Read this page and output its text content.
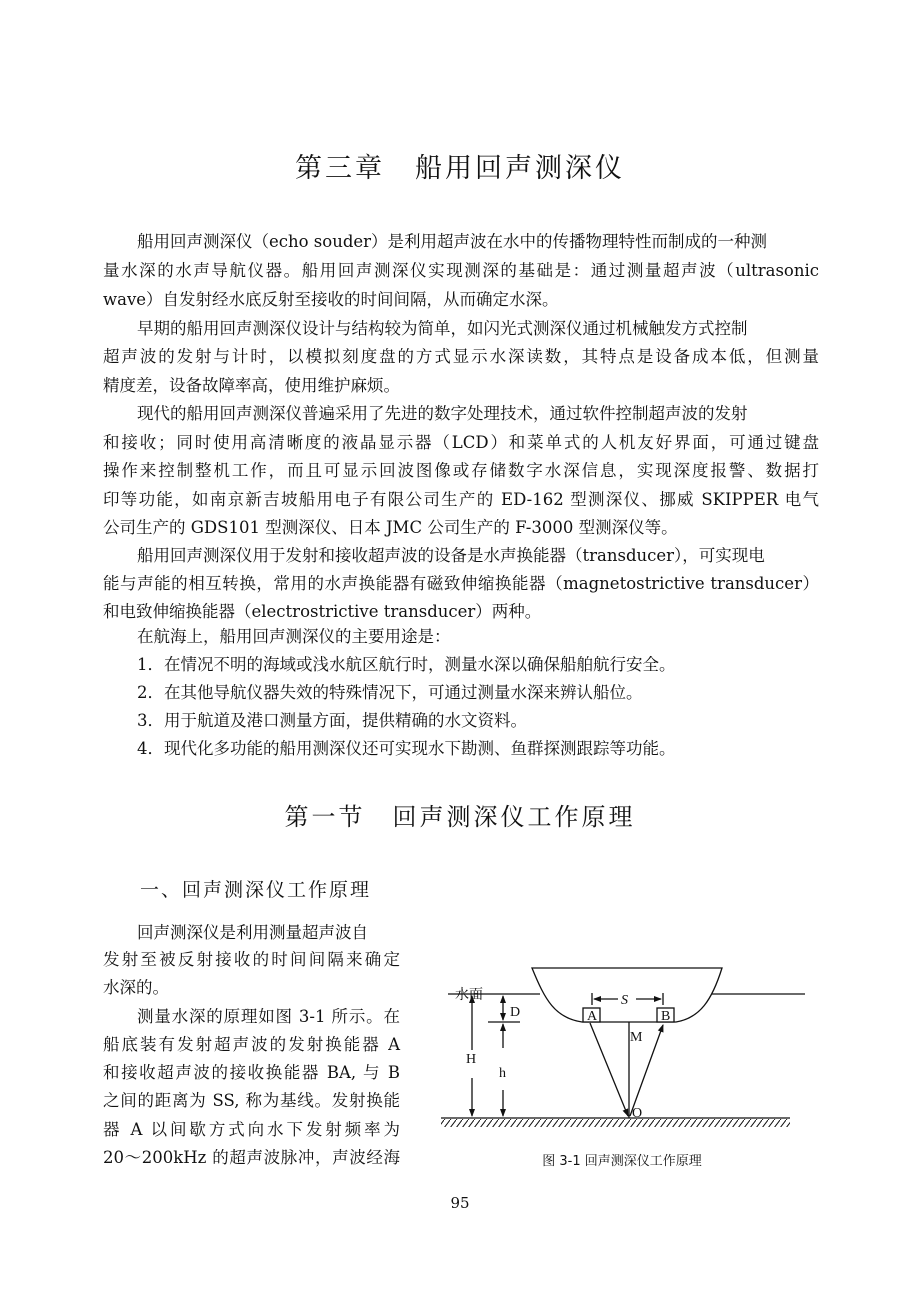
第三章　船用回声测深仪
船用回声测深仪（echo souder）是利用超声波在水中的传播物理特性而制成的一种测
量水深的水声导航仪器。船用回声测深仪实现测深的基础是：通过测量超声波（ultrasonic
wave）自发射经水底反射至接收的时间间隔，从而确定水深。
早期的船用回声测深仪设计与结构较为简单，如闪光式测深仪通过机械触发方式控制
超声波的发射与计时，以模拟刻度盘的方式显示水深读数，其特点是设备成本低，但测量
精度差，设备故障率高，使用维护麻烦。
现代的船用回声测深仪普遍采用了先进的数字处理技术，通过软件控制超声波的发射
和接收；同时使用高清晰度的液晶显示器（LCD）和菜单式的人机友好界面，可通过键盘
操作来控制整机工作，而且可显示回波图像或存储数字水深信息，实现深度报警、数据打
印等功能，如南京新吉坡船用电子有限公司生产的 ED-162 型测深仪、挪威 SKIPPER 电气
公司生产的 GDS101 型测深仪、日本 JMC 公司生产的 F-3000 型测深仪等。
船用回声测深仪用于发射和接收超声波的设备是水声换能器（transducer），可实现电
能与声能的相互转换，常用的水声换能器有磁致伸缩换能器（magnetostrictive transducer）
和电致伸缩换能器（electrostrictive transducer）两种。
在航海上，船用回声测深仪的主要用途是：
1．在情况不明的海域或浅水航区航行时，测量水深以确保船舶航行安全。
2．在其他导航仪器失效的特殊情况下，可通过测量水深来辨认船位。
3．用于航道及港口测量方面，提供精确的水文资料。
4．现代化多功能的船用测深仪还可实现水下勘测、鱼群探测跟踪等功能。
第一节　回声测深仪工作原理
一、回声测深仪工作原理
回声测深仪是利用测量超声波自
发射至被反射接收的时间间隔来确定
水深的。
测量水深的原理如图 3-1 所示。在
船底装有发射超声波的发射换能器 A
和接收超声波的接收换能器 BA, 与 B
之间的距离为 SS, 称为基线。发射换能
器 A 以间歇方式向水下发射频率为
20～200kHz 的超声波脉冲，声波经海
水面	S
D	A	B
M
H
h
O
图 3-1 回声测深仪工作原理
95
